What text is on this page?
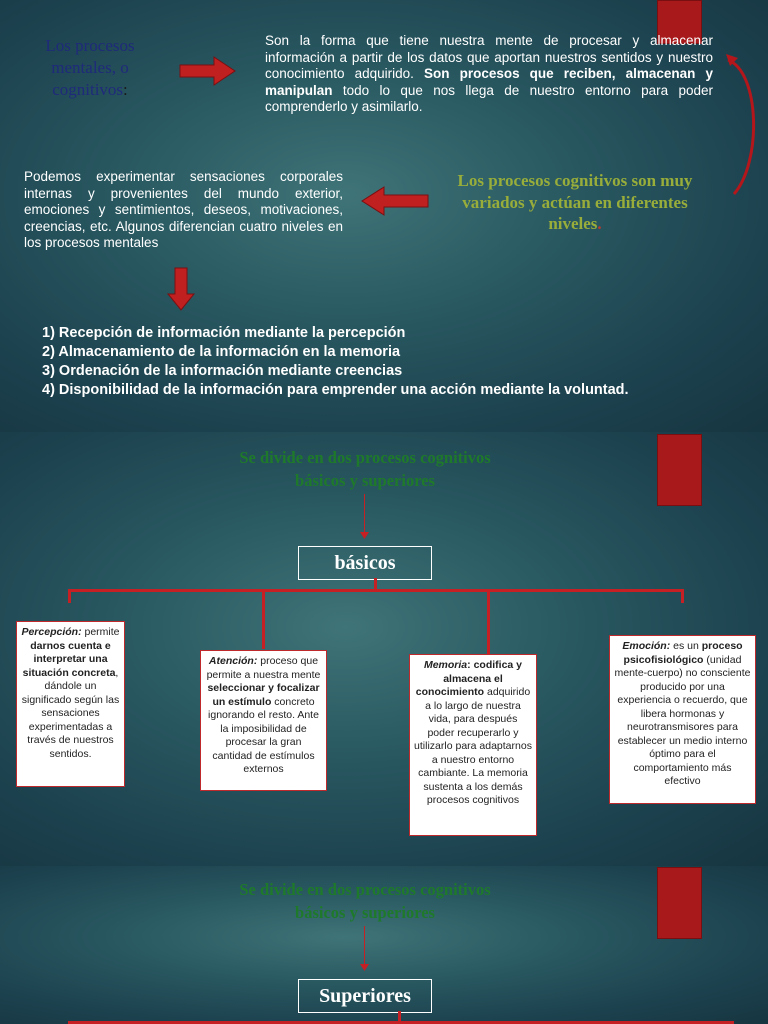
Los procesos mentales, o cognitivos:
Son la forma que tiene nuestra mente de procesar y almacenar información a partir de los datos que aportan nuestros sentidos y nuestro conocimiento adquirido. Son procesos que reciben, almacenan y manipulan todo lo que nos llega de nuestro entorno para poder comprenderlo y asimilarlo.
Los procesos cognitivos son muy variados y actúan en diferentes niveles.
Podemos experimentar sensaciones corporales internas y provenientes del mundo exterior, emociones y sentimientos, deseos, motivaciones, creencias, etc. Algunos diferencian cuatro niveles en los procesos mentales
1) Recepción de información mediante la percepción
2) Almacenamiento de la información en la memoria
3) Ordenación de la información mediante creencias
4) Disponibilidad de la información para emprender una acción mediante la voluntad.
Se divide en dos procesos cognitivos
básicos y superiores
básicos
Percepción: permite darnos cuenta e interpretar una situación concreta, dándole un significado según las sensaciones experimentadas a través de nuestros sentidos.
Atención: proceso que permite a nuestra mente seleccionar y focalizar un estímulo concreto ignorando el resto. Ante la imposibilidad de procesar la gran cantidad de estímulos externos
Memoria: codifica y almacena el conocimiento adquirido a lo largo de nuestra vida, para después poder recuperarlo y utilizarlo para adaptarnos a nuestro entorno cambiante. La memoria sustenta a los demás procesos cognitivos
Emoción: es un proceso psicofisiológico (unidad mente-cuerpo) no consciente producido por una experiencia o recuerdo, que libera hormonas y neurotransmisores para establecer un medio interno óptimo para el comportamiento más efectivo
Se divide en dos procesos cognitivos
básicos y superiores
Superiores
